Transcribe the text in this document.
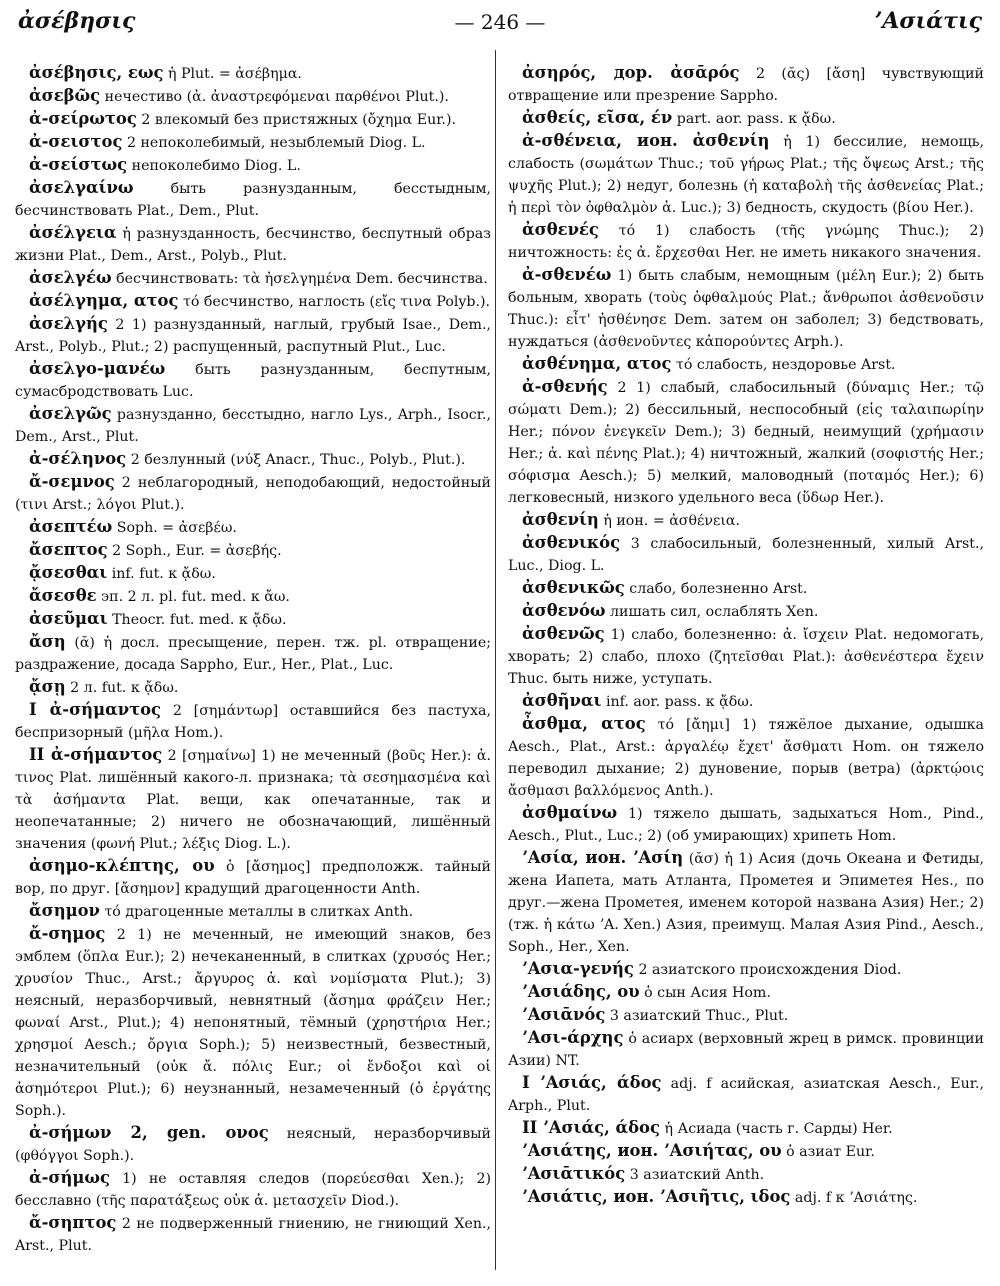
ἀσέβησις	— 246 —	ʼΑσιάτις

ἀσέβησις, εως ἡ Plut. = ἀσέβημα.

ἀσεβῶς нечестиво (ἀ. ἀναστρεφόμεναι παρθένοι Plut.).

ἀ-σείρωτος 2 влекомый без пристяжных (ὄχημα Eur.).

ἀ-σειστος 2 непоколебимый, незыблемый Diog. L.

ἀ-σείστως непоколебимо Diog. L.

ἀσελγαίνω	быть разнузданным, бесстыдным, бесчинствовать Plat., Dem., Plut.

ἀσέλγεια ἡ разнузданность, бесчинство, беспутный образ жизни Plat., Dem., Arst., Polyb., Plut.

ἀσελγέω бесчинствовать: τὰ ἠσελγημένα Dem. бесчинства.

ἀσέλγημα, ατος τό бесчинство, наглость (εἴς τινα Polyb.).

ἀσελγής 2 1) разнузданный, наглый, грубый Isae., Dem., Arst., Polyb., Plut.; 2) распущенный, распутный Plut., Luc.

ἀσελγο-μανέω быть разнузданным, беспутным, сумасбродствовать Luc.

ἀσελγῶς разнузданно, бесстыдно, нагло Lys., Arph., Isocr., Dem., Arst., Plut.

ἀ-σέληνος 2 безлунный (νύξ Anacr., Thuc., Polyb., Plut.).

ἄ-σεμνος 2 неблагородный, неподобающий, недостойный (τινι Arst.; λόγοι Plut.).

ἀσεπτέω Soph. = ἀσεβέω.

ἄσεπτος 2 Soph., Eur. = ἀσεβής.

ᾄσεσθαι inf. fut. к ᾄδω.

ἄσεσθε эп. 2 л. pl. fut. med. к ἄω.

ἀσεῦμαι Theocr. fut. med. к ᾄδω.

ἄση (ᾰ) ἡ досл. пресыщение, перен. тж. pl. отвращение; раздражение, досада Sappho, Eur., Her., Plat., Luc.

ᾄσῃ 2 л. fut. к ᾄδω.

I ἀ-σήμαντος 2 [σημάντωρ] оставшийся без пастуха, беспризорный (μῆλα Hom.).

II ἀ-σήμαντος 2 [σημαίνω] 1) не меченный (βοῦς Her.): ἀ. τινος Plat. лишённый какого-л. признака; τὰ σεσημασμένα καὶ τὰ ἀσήμαντα Plat. вещи, как опечатанные, так и неопечатанные; 2) ничего не обозначающий, лишённый значения (φωνή Plut.; λέξις Diog. L.).

ἀσημο-κλέπτης, ου ὁ [ἄσημος] предположж. тайный вор, по друг. [ἄσημον] крадущий драгоценности Anth.

ἄσημον τό драгоценные металлы в слитках Anth.

ἄ-σημος 2 1) не меченный, не имеющий знаков, без эмблем (ὅπλα Eur.); 2) нечеканенный, в слитках (χρυσός Her.; χρυσίον Thuc., Arst.; ἄργυρος ἀ. καὶ νομίσματα Plut.); 3) неясный, неразборчивый, невнятный (ἄσημα φράζειν Her.; φωναί Arst., Plut.); 4) непонятный, тёмный (χρηστήρια Her.; χρησμοί Aesch.; ὄργια Soph.); 5) неизвестный, безвестный, незначительный (οὐκ ἄ. πόλις Eur.; οἱ ἔνδοξοι καὶ οἱ ἀσημότεροι Plut.); 6) неузнанный, незамеченный (ὁ ἐργάτης Soph.).

ἀ-σήμων 2, gen. ονος неясный, неразборчивый (φθόγγοι Soph.).

ἀ-σήμως 1) не оставляя следов (πορεύεσθαι Xen.); 2) бесславно (τῆς παρατάξεως οὐκ ἀ. μετασχεῖν Diod.).

ἄ-σηπτος 2 не подверженный гниению, не гниющий Xen., Arst., Plut.

ἀσηρός, дор. ἀσᾱρός 2 (ᾰς) [ἄση] чувствующий отвращение или презрение Sappho.

ἀσθείς, εῖσα, έν part. aor. pass. к ᾄδω.

ἀ-σθένεια, ион. ἀσθενίη ἡ 1) бессилие, немощь, слабость (σωμάτων Thuc.; τοῦ γήρως Plat.; τῆς ὄψεως Arst.; τῆς ψυχῆς Plut.); 2) недуг, болезнь (ἡ καταβολὴ τῆς ἀσθενείας Plat.; ἡ περὶ τὸν ὀφθαλμὸν ἀ. Luc.); 3) бедность, скудость (βίου Her.).

ἀσθενές τό 1) слабость (τῆς γνώμης Thuc.); 2) ничтожность: ἐς ἀ. ἔρχεσθαι Her. не иметь никакого значения.

ἀ-σθενέω 1) быть слабым, немощным (μέλη Eur.); 2) быть больным, хворать (τοὺς ὀφθαλμούς Plat.; ἄνθρωποι ἀσθενοῦσιν Thuc.): εἶτ' ἠσθένησε Dem. затем он заболел; 3) бедствовать, нуждаться (ἀσθενοῦντες κἀπορούντες Arph.).

ἀσθένημα, ατος τό слабость, нездоровье Arst.

ἀ-σθενής 2 1) слабый, слабосильный (δύναμις Her.; τῷ σώματι Dem.); 2) бессильный, неспособный (εἰς ταλαιπωρίην Her.; πόνον ἐνεγκεῖν Dem.); 3) бедный, неимущий (χρήμασιν Her.; ἀ. καὶ πένης Plat.); 4) ничтожный, жалкий (σοφιστής Her.; σόφισμα Aesch.); 5) мелкий, маловодный (ποταμός Her.); 6) легковесный, низкого удельного веса (ὕδωρ Her.).

ἀσθενίη ἡ ион. = ἀσθένεια.

ἀσθενικός 3 слабосильный, болезненный, хилый Arst., Luc., Diog. L.

ἀσθενικῶς слабо, болезненно Arst.

ἀσθενόω лишать сил, ослаблять Xen.

ἀσθενῶς 1) слабо, болезненно: ἀ. ἴσχειν Plat. недомогать, хворать; 2) слабо, плохо (ζητεῖσθαι Plat.): ἀσθενέστερα ἔχειν Thuc. быть ниже, уступать.

ἀσθῆναι inf. aor. pass. к ᾄδω.

ἆσθμα, ατος τό [ἄημι] 1) тяжёлое дыхание, одышка Aesch., Plat., Arst.: ἀργαλέῳ ἔχετ' ἄσθματι Hom. он тяжело переводил дыхание; 2) дуновение, порыв (ветра) (ἀρκτῴοις ἄσθμασι βαλλόμενος Anth.).

ἀσθμαίνω 1) тяжело дышать, задыхаться Hom., Pind., Aesch., Plut., Luc.; 2) (об умирающих) хрипеть Hom.

ʼΑσία, ион. ʼΑσίη (ᾰσ) ἡ 1) Асия (дочь Океана и Фетиды, жена Иапета, мать Атланта, Прометея и Эпиметея Hes., по друг.—жена Прометея, именем которой названа Азия) Her.; 2) (тж. ἡ κάτω ʼΑ. Xen.) Азия, преимущ. Малая Азия Pind., Aesch., Soph., Her., Xen.

ʼΑσια-γενής 2 азиатского происхождения Diod.

ʼΑσιάδης, ου ὁ сын Асия Hom.

ʼΑσιᾱνός 3 азиатский Thuc., Plut.

ʼΑσι-άρχης ὁ асиарх (верховный жрец в римск. провинции Азии) NT.

I ʼΑσιάς, άδος adj. f асийская, азиатская Aesch., Eur., Arph., Plut.

II ʼΑσιάς, άδος ἡ Асиада (часть г. Сарды) Her.

ʼΑσιάτης, ион. ʼΑσιήτας, ου ὁ азиат Eur.

ʼΑσιᾱτικός 3 азиатский Anth.

ʼΑσιάτις, ион. ʼΑσιῆτις, ιδος adj. f к ʼΑσιάτης.
